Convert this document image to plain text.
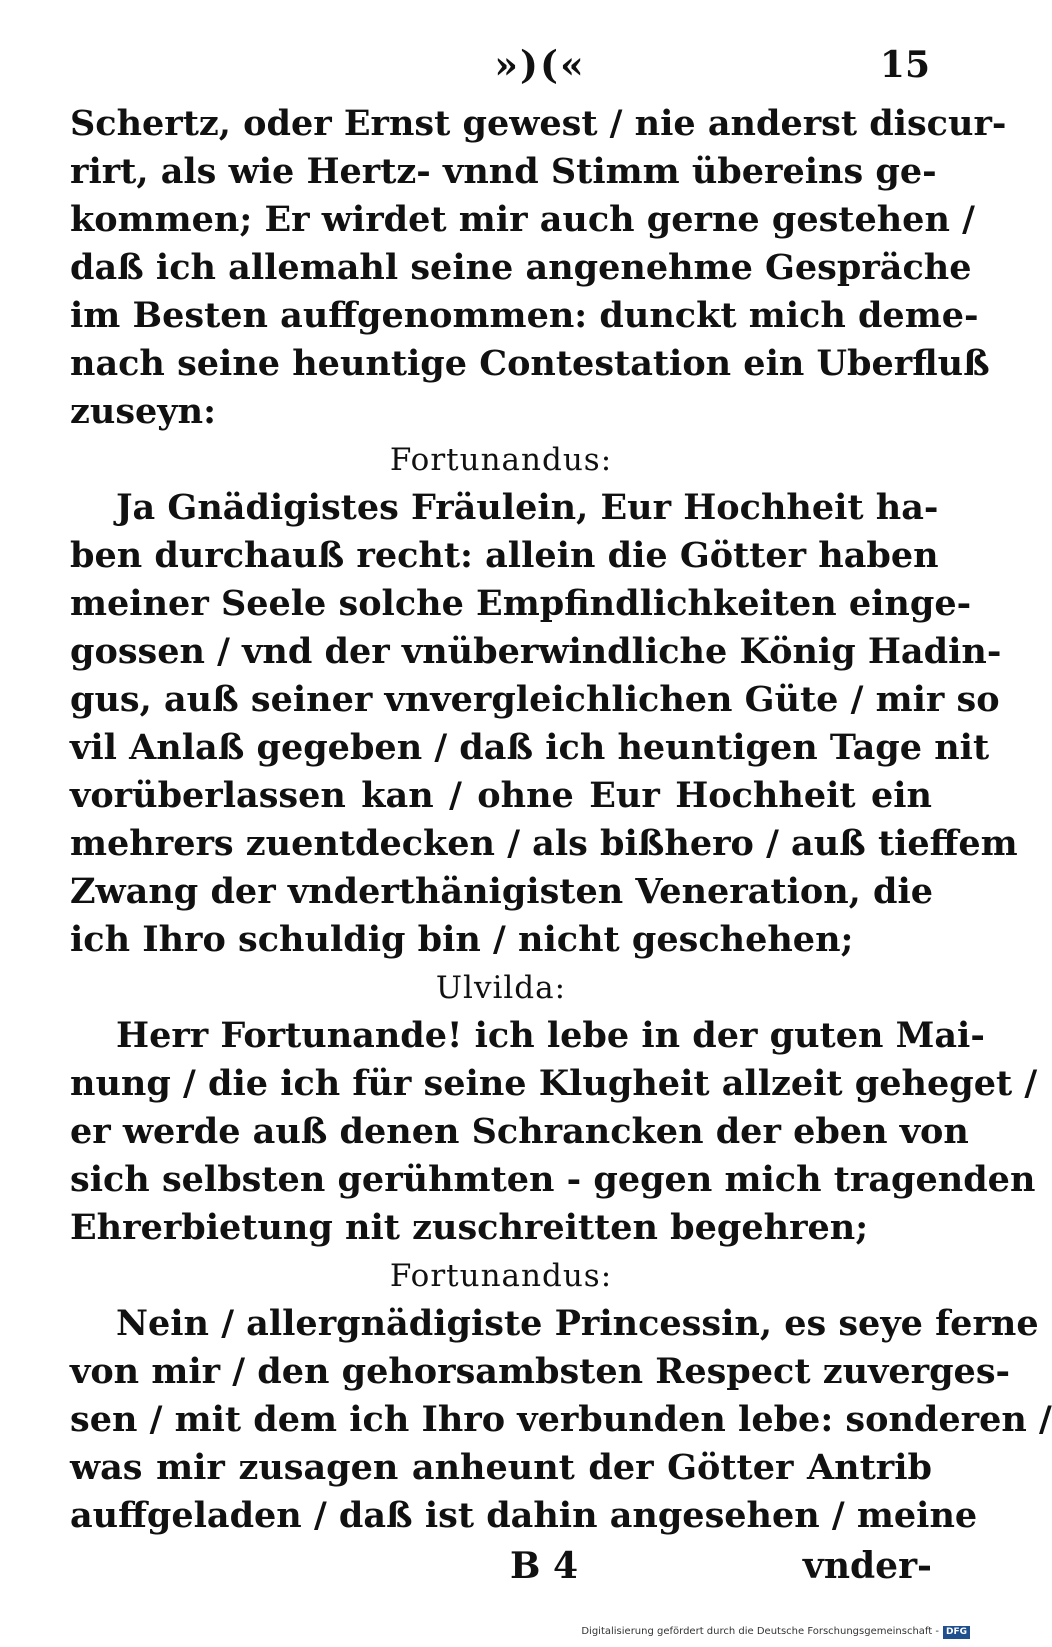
»)(«	15
Schertz, oder Ernst gewest / nie anderst discur-
rirt, als wie Hertz- vnnd Stimm übereins ge-
kommen; Er wirdet mir auch gerne gestehen /
daß ich allemahl seine angenehme Gespräche
im Besten auffgenommen: dunckt mich deme-
nach seine heuntige Contestation ein Uberfluß
zuseyn:
Fortunandus:
Ja Gnädigistes Fräulein, Eur Hochheit ha-
ben durchauß recht: allein die Götter haben
meiner Seele solche Empfindlichkeiten einge-
gossen / vnd der vnüberwindliche König Hadin-
gus, auß seiner vnvergleichlichen Güte / mir so
vil Anlaß gegeben / daß ich heuntigen Tage nit
vorüberlassen kan / ohne Eur Hochheit ein
mehrers zuentdecken / als bißhero / auß tieffem
Zwang der vnderthänigisten Veneration, die
ich Ihro schuldig bin / nicht geschehen;
Ulvilda:
Herr Fortunande! ich lebe in der guten Mai-
nung / die ich für seine Klugheit allzeit geheget /
er werde auß denen Schrancken der eben von
sich selbsten gerühmten - gegen mich tragenden
Ehrerbietung nit zuschreitten begehren;
Fortunandus:
Nein / allergnädigiste Princessin, es seye ferne
von mir / den gehorsambsten Respect zuverges-
sen / mit dem ich Ihro verbunden lebe: sonderen /
was mir zusagen anheunt der Götter Antrib
auffgeladen / daß ist dahin angesehen / meine
B 4	vnder-
Digitalisierung gefördert durch die Deutsche Forschungsgemeinschaft - DFG
